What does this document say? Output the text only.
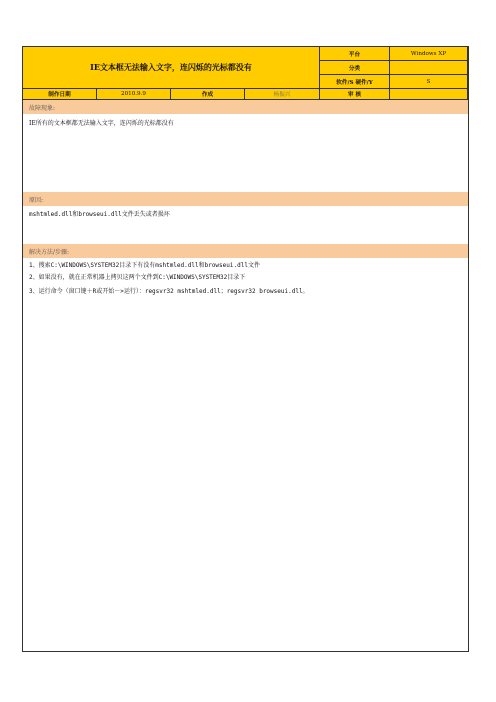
IE文本框无法输入文字，连闪烁的光标都没有
平台	Windows XP
分类
软件/S 硬件/Y	S
制作日期	2010.9.9	作成	杨振兴	审 核
故障现象:
IE所有的文本框都无法输入文字，连闪烁的光标都没有
原因:
mshtmled.dll和browseui.dll文件丢失或者损坏
解决方法/步骤:
1、搜索C:\WINDOWS\SYSTEM32目录下有没有mshtmled.dll和browseui.dll文件
2、如果没有，就在正常机器上拷贝这两个文件到C:\WINDOWS\SYSTEM32目录下
3、运行命令（窗口键＋R或开始－>运行）：regsvr32 mshtmled.dll；regsvr32 browseui.dll。
